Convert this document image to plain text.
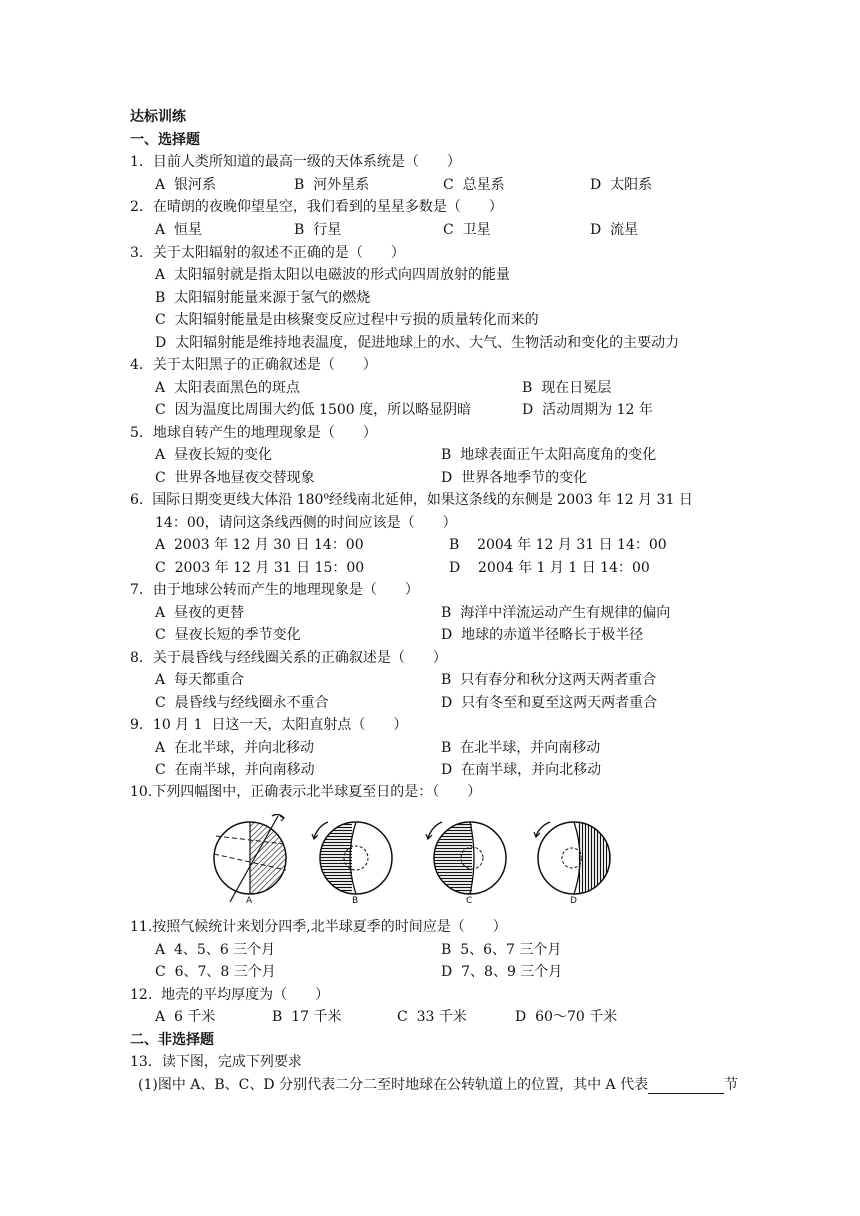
达标训练
一、选择题
1．目前人类所知道的最高一级的天体系统是（　　）
A  银河系	B  河外星系	C  总星系	D  太阳系
2．在晴朗的夜晚仰望星空，我们看到的星星多数是（　　）
A  恒星	B  行星	C  卫星	D  流星
3．关于太阳辐射的叙述不正确的是（　　）
A  太阳辐射就是指太阳以电磁波的形式向四周放射的能量
B  太阳辐射能量来源于氢气的燃烧
C  太阳辐射能量是由核聚变反应过程中亏损的质量转化而来的
D  太阳辐射能是维持地表温度，促进地球上的水、大气、生物活动和变化的主要动力
4．关于太阳黑子的正确叙述是（　　）
A  太阳表面黑色的斑点	B  现在日冕层
C  因为温度比周围大约低 1500 度，所以略显阴暗	D  活动周期为 12 年
5．地球自转产生的地理现象是（　　）
A  昼夜长短的变化	B  地球表面正午太阳高度角的变化
C  世界各地昼夜交替现象	D  世界各地季节的变化
6.  国际日期变更线大体沿 180$^o$经线南北延伸，如果这条线的东侧是 2003 年 12 月 31 日
14：00，请问这条线西侧的时间应该是（　　）
A  2003 年 12 月 30 日 14：00	B    2004 年 12 月 31 日 14：00
C  2003 年 12 月 31 日 15：00	D    2004 年 1 月 1 日 14：00
7．由于地球公转而产生的地理现象是（　　）
A  昼夜的更替	B  海洋中洋流运动产生有规律的偏向
C  昼夜长短的季节变化	D  地球的赤道半径略长于极半径
8．关于晨昏线与经线圈关系的正确叙述是（　　）
A  每天都重合	B  只有春分和秋分这两天两者重合
C  晨昏线与经线圈永不重合	D  只有冬至和夏至这两天两者重合
9．10 月 1  日这一天，太阳直射点（　　）
A  在北半球，并向北移动	B  在北半球，并向南移动
C  在南半球，并向南移动	D  在南半球，并向北移动
10.下列四幅图中，正确表示北半球夏至日的是：（　　）
A	B	C	D
11.按照气候统计来划分四季,北半球夏季的时间应是（　　）
A  4、5、6 三个月	B  5、6、7 三个月
C  6、7、8 三个月	D  7、8、9 三个月
12.  地壳的平均厚度为（　　）
A  6 千米	B  17 千米	C  33 千米	D  60～70 千米
二、非选择题
13．读下图，完成下列要求
(1)图中 A、B、C、D 分别代表二分二至时地球在公转轨道上的位置，其中 A 代表	节
